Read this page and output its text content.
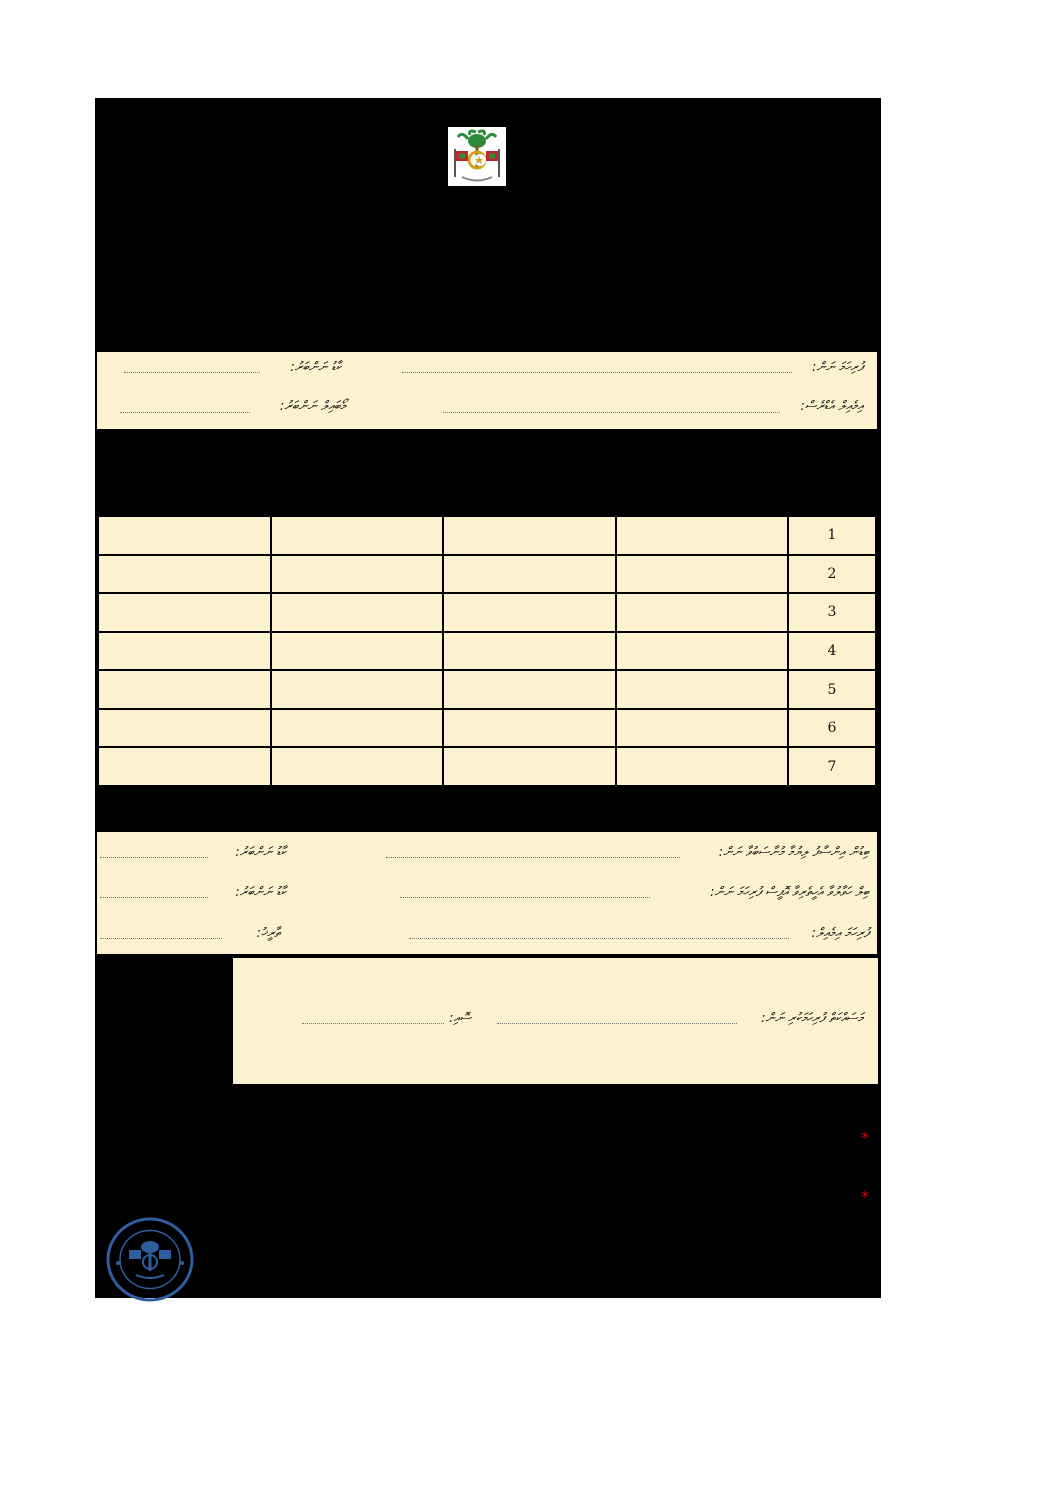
ފުރިހަމަ ނަން:
ކާޑު ނަންބަރު:
އިމެއިލް އެޑްރެސް:
މޯބައިލް ނަންބަރު:
				1
				2
				3
				4
				5
				6
				7
ބިޑުން އިންސާފު ލިޔުމާ މުނާސަބުވާ ނަން:
ކާޑު ނަންބަރު:
ބިލް ހަވާލުވާ އެހީތެރިވާ އޮފީސް ފުރިހަމަ ނަން:
ކާޑު ނަންބަރު:
ފުރިހަމަ އިމެއިލް:
ތާރީޚު:
މަސައްކަތް ފުރިހަމަކުރި ނަން:
ސޮއި:
*
*
